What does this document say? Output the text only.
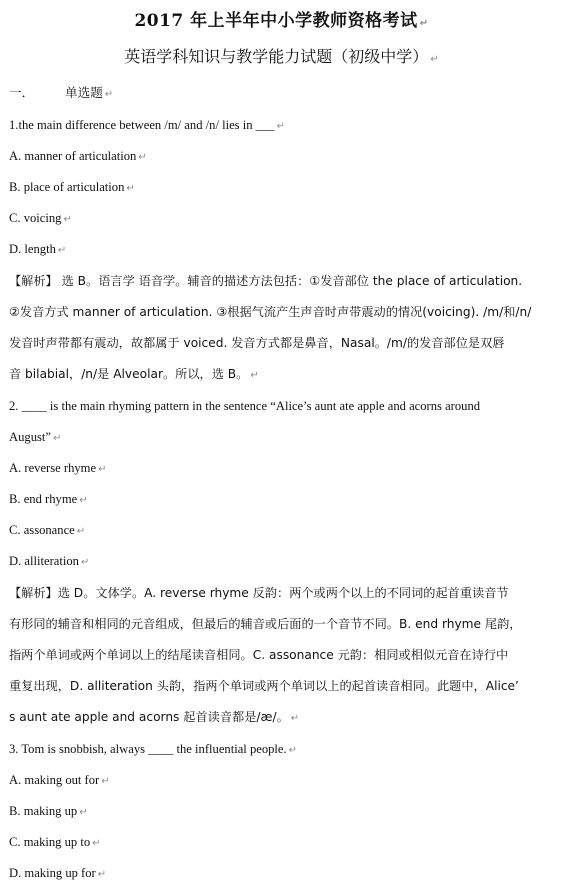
2017 年上半年中小学教师资格考试 ↵
英语学科知识与教学能力试题（初级中学） ↵
一． 单选题 ↵
1.the main difference between /m/ and /n/ lies in ___ ↵
A. manner of articulation ↵
B. place of articulation ↵
C. voicing ↵
D. length ↵
【解析】 选 B。语言学 语音学。辅音的描述方法包括：①发音部位 the place of articulation.
②发音方式 manner of articulation. ③根据气流产生声音时声带震动的情况(voicing). /m/和/n/
发音时声带都有震动，故都属于 voiced. 发音方式都是鼻音，Nasal。/m/的发音部位是双唇
音 bilabial，/n/是 Alveolar。所以，选 B。 ↵
2. ____ is the main rhyming pattern in the sentence “Alice’s aunt ate apple and acorns around
August” ↵
A. reverse rhyme ↵
B. end rhyme ↵
C. assonance ↵
D. alliteration ↵
【解析】选 D。文体学。A. reverse rhyme 反韵：两个或两个以上的不同词的起首重读音节
有形同的辅音和相同的元音组成，但最后的辅音或后面的一个音节不同。B. end rhyme 尾韵，
指两个单词或两个单词以上的结尾读音相同。C. assonance 元韵：相同或相似元音在诗行中
重复出现，D. alliteration 头韵，指两个单词或两个单词以上的起首读音相同。此题中，Alice’
s aunt ate apple and acorns 起首读音都是/æ/。 ↵
3. Tom is snobbish, always ____ the influential people. ↵
A. making out for ↵
B. making up ↵
C. making up to ↵
D. making up for ↵
